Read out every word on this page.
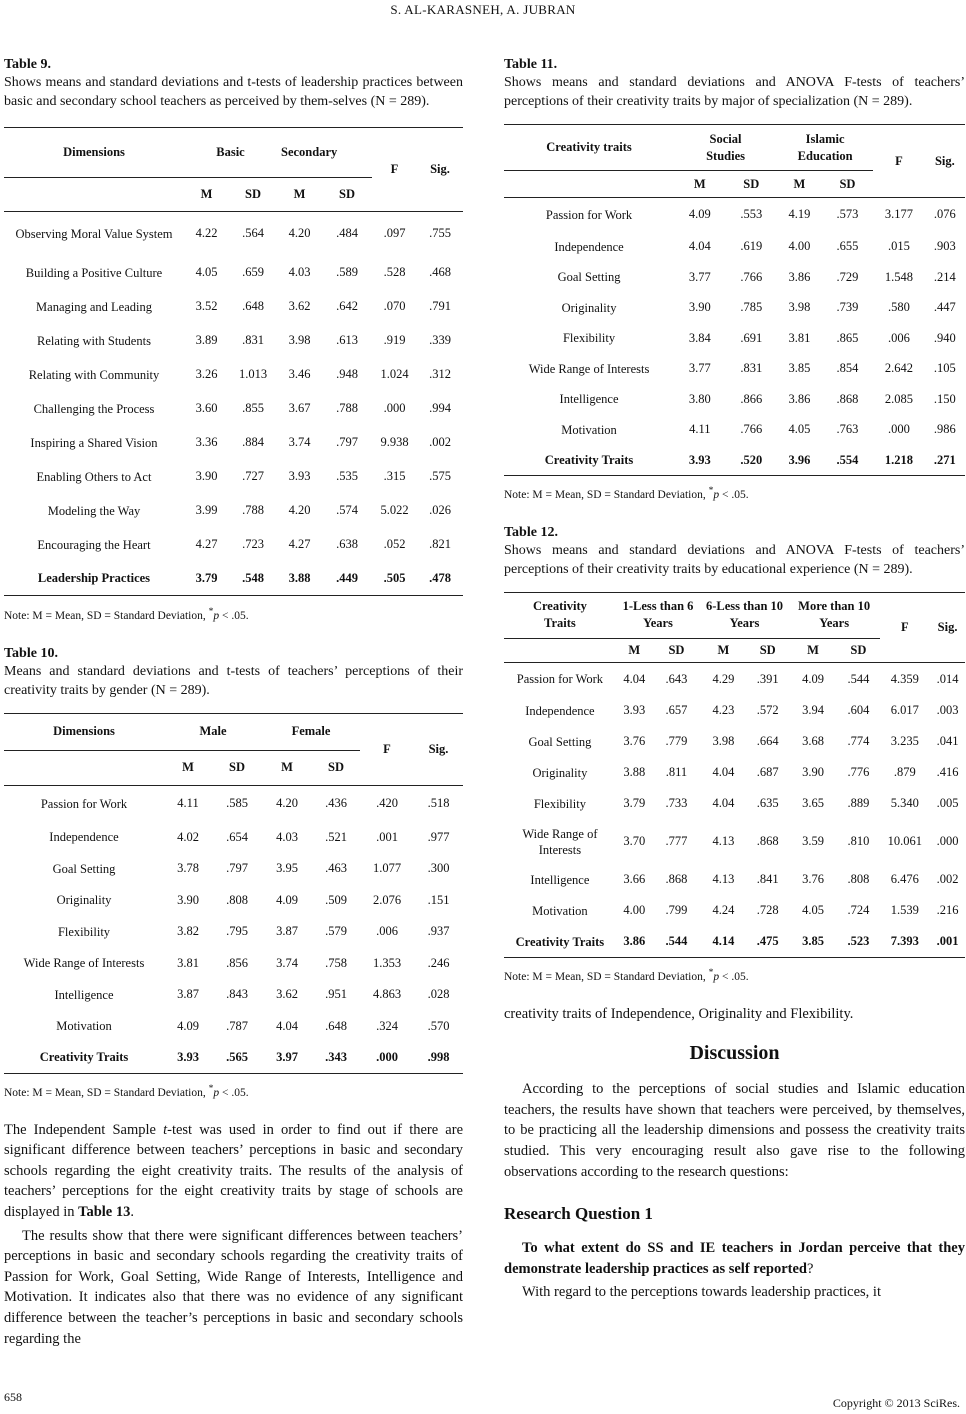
S. AL-KARASNEH, A. JUBRAN
Table 9.

Shows means and standard deviations and t-tests of leadership practices between basic and secondary school teachers as perceived by them-selves (N = 289).

Dimensions	Basic		Secondary		F	Sig.
	M	SD	M	SD		
Observing Moral Value System	4.22	.564	4.20	.484	.097	.755
Building a Positive Culture	4.05	.659	4.03	.589	.528	.468
Managing and Leading	3.52	.648	3.62	.642	.070	.791
Relating with Students	3.89	.831	3.98	.613	.919	.339
Relating with Community	3.26	1.013	3.46	.948	1.024	.312
Challenging the Process	3.60	.855	3.67	.788	.000	.994
Inspiring a Shared Vision	3.36	.884	3.74	.797	9.938	.002
Enabling Others to Act	3.90	.727	3.93	.535	.315	.575
Modeling the Way	3.99	.788	4.20	.574	5.022	.026
Encouraging the Heart	4.27	.723	4.27	.638	.052	.821
Leadership Practices	3.79	.548	3.88	.449	.505	.478
Note: M = Mean, SD = Standard Deviation, *p < .05.
Table 10.

Means and standard deviations and t-tests of teachers’ perceptions of their creativity traits by gender (N = 289).

Dimensions	Male		Female		F	Sig.
	M	SD	M	SD		
Passion for Work	4.11	.585	4.20	.436	.420	.518
Independence	4.02	.654	4.03	.521	.001	.977
Goal Setting	3.78	.797	3.95	.463	1.077	.300
Originality	3.90	.808	4.09	.509	2.076	.151
Flexibility	3.82	.795	3.87	.579	.006	.937
Wide Range of Interests	3.81	.856	3.74	.758	1.353	.246
Intelligence	3.87	.843	3.62	.951	4.863	.028
Motivation	4.09	.787	4.04	.648	.324	.570
Creativity Traits	3.93	.565	3.97	.343	.000	.998
Note: M = Mean, SD = Standard Deviation, *p < .05.

The Independent Sample t-test was used in order to find out if there are significant difference between teachers’ perceptions in basic and secondary schools regarding the eight creativity traits. The results of the analysis of teachers’ perceptions for the eight creativity traits by stage of schools are displayed in Table 13.

The results show that there were significant differences between teachers’ perceptions in basic and secondary schools regarding the creativity traits of Passion for Work, Goal Setting, Wide Range of Interests, Intelligence and Motivation. It indicates also that there was no evidence of any significant difference between the teacher’s perceptions in basic and secondary schools regarding the

Table 11.

Shows means and standard deviations and ANOVA F-tests of teachers’ perceptions of their creativity traits by major of specialization (N = 289).

Creativity traits	Social Studies		Islamic Education		F	Sig.
	M	SD	M	SD		
Passion for Work	4.09	.553	4.19	.573	3.177	.076
Independence	4.04	.619	4.00	.655	.015	.903
Goal Setting	3.77	.766	3.86	.729	1.548	.214
Originality	3.90	.785	3.98	.739	.580	.447
Flexibility	3.84	.691	3.81	.865	.006	.940
Wide Range of Interests	3.77	.831	3.85	.854	2.642	.105
Intelligence	3.80	.866	3.86	.868	2.085	.150
Motivation	4.11	.766	4.05	.763	.000	.986
Creativity Traits	3.93	.520	3.96	.554	1.218	.271
Note: M = Mean, SD = Standard Deviation, *p < .05.
Table 12.

Shows means and standard deviations and ANOVA F-tests of teachers’ perceptions of their creativity traits by educational experience (N = 289).

Creativity Traits	1-Less than 6 Years		6-Less than 10 Years		More than 10 Years		F	Sig.
	M	SD	M	SD	M	SD		
Passion for Work	4.04	.643	4.29	.391	4.09	.544	4.359	.014
Independence	3.93	.657	4.23	.572	3.94	.604	6.017	.003
Goal Setting	3.76	.779	3.98	.664	3.68	.774	3.235	.041
Originality	3.88	.811	4.04	.687	3.90	.776	.879	.416
Flexibility	3.79	.733	4.04	.635	3.65	.889	5.340	.005
Wide Range of Interests	3.70	.777	4.13	.868	3.59	.810	10.061	.000
Intelligence	3.66	.868	4.13	.841	3.76	.808	6.476	.002
Motivation	4.00	.799	4.24	.728	4.05	.724	1.539	.216
Creativity Traits	3.86	.544	4.14	.475	3.85	.523	7.393	.001
Note: M = Mean, SD = Standard Deviation, *p < .05.

creativity traits of Independence, Originality and Flexibility.

Discussion

According to the perceptions of social studies and Islamic education teachers, the results have shown that teachers were perceived, by themselves, to be practicing all the leadership dimensions and possess the creativity traits studied. This very encouraging result also gave rise to the following observations according to the research questions:

Research Question 1

To what extent do SS and IE teachers in Jordan perceive that they demonstrate leadership practices as self reported?

With regard to the perceptions towards leadership practices, it

658	Copyright © 2013 SciRes.
